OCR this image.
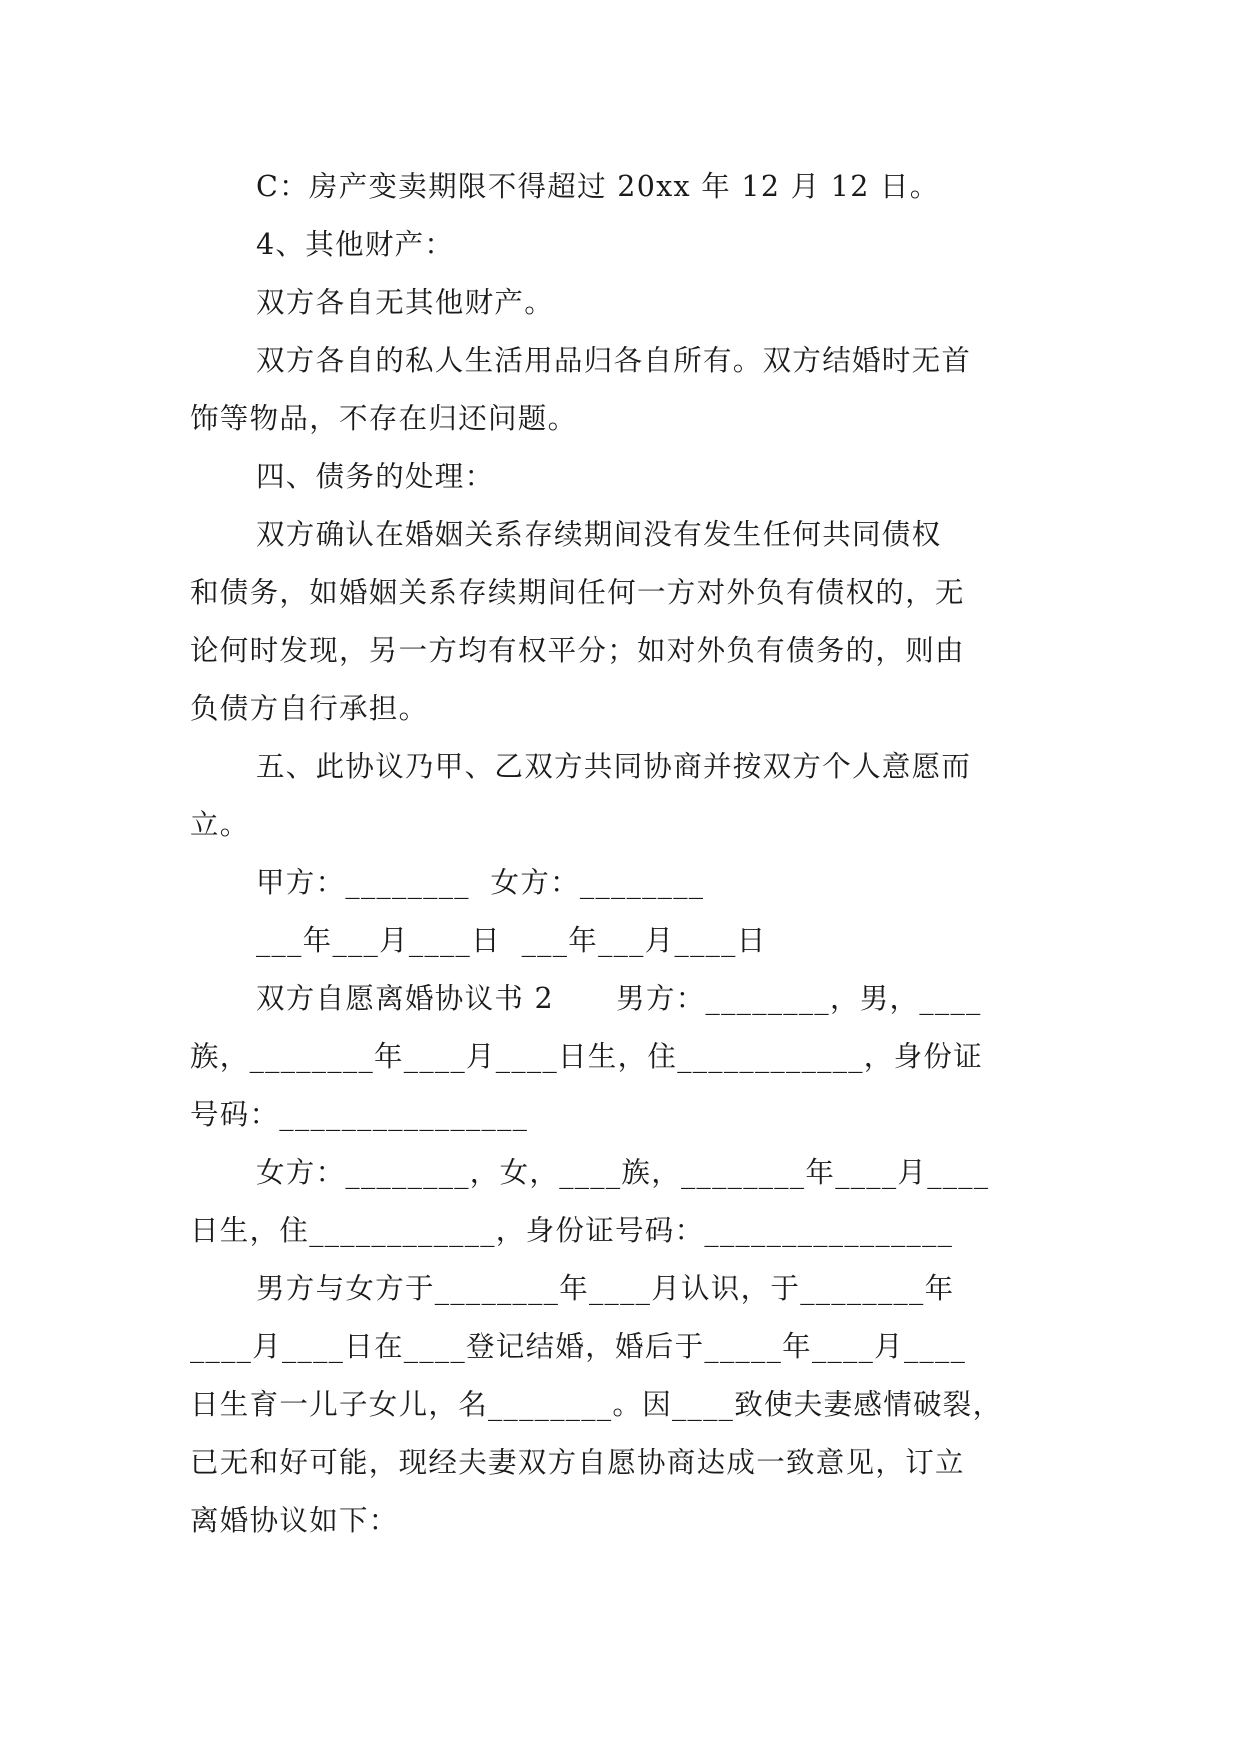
C：房产变卖期限不得超过 20xx 年 12 月 12 日。
4、其他财产：
双方各自无其他财产。
双方各自的私人生活用品归各自所有。双方结婚时无首
饰等物品，不存在归还问题。
四、债务的处理：
双方确认在婚姻关系存续期间没有发生任何共同债权
和债务，如婚姻关系存续期间任何一方对外负有债权的，无
论何时发现，另一方均有权平分；如对外负有债务的，则由
负债方自行承担。
五、此协议乃甲、乙双方共同协商并按双方个人意愿而
立。
甲方：________  女方：________
___年___月____日  ___年___月____日
双方自愿离婚协议书 2      男方：________，男，____
族，________年____月____日生，住____________，身份证
号码：________________
女方：________，女，____族，________年____月____
日生，住____________，身份证号码：________________
男方与女方于________年____月认识，于________年
____月____日在____登记结婚，婚后于_____年____月____
日生育一儿子女儿，名________。因____致使夫妻感情破裂，
已无和好可能，现经夫妻双方自愿协商达成一致意见，订立
离婚协议如下：
